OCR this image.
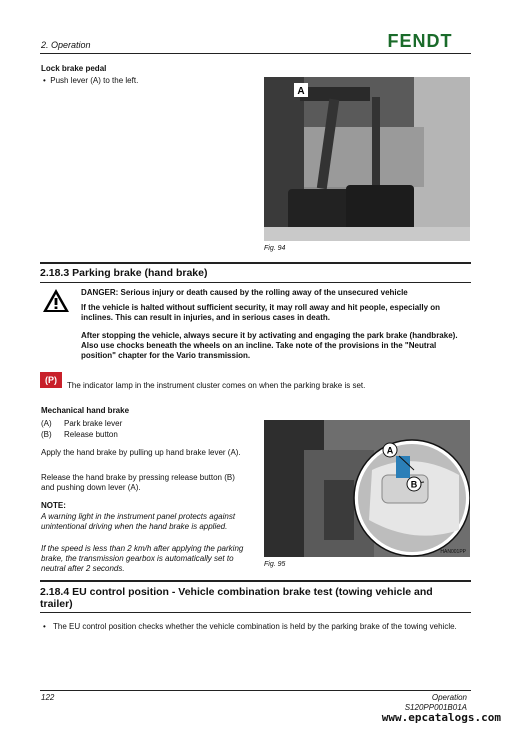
2. Operation	FENDT
Lock brake pedal
•  Push lever (A) to the left.
A
Fig. 94
2.18.3 Parking brake (hand brake)
DANGER: Serious injury or death caused by the rolling away of the unsecured vehicle
If the vehicle is halted without sufficient security, it may roll away and hit people, especially on inclines. This can result in injuries, and in serious cases in death.
After stopping the vehicle, always secure it by activating and engaging the park brake (handbrake). Also use chocks beneath the wheels on an incline. Take note of the provisions in the "Neutral position" chapter for the Vario transmission.
(P)
The indicator lamp in the instrument cluster comes on when the parking brake is set.
Mechanical hand brake
(A) Park brake lever
(B) Release button
Apply the hand brake by pulling up hand brake lever (A).
Release the hand brake by pressing release button (B) and pushing down lever (A).
NOTE:
A warning light in the instrument panel protects against unintentional driving when the hand brake is applied.
If the speed is less than 2 km/h after applying the parking brake, the transmission gearbox is automatically set to neutral after 2 seconds.
A
B
HAN001PP
Fig. 95
2.18.4 EU control position - Vehicle combination brake test (towing vehicle and
trailer)
• The EU control position checks whether the vehicle combination is held by the parking brake of the towing vehicle.
122	Operation
S120PP001B01A
www.epcatalogs.com
